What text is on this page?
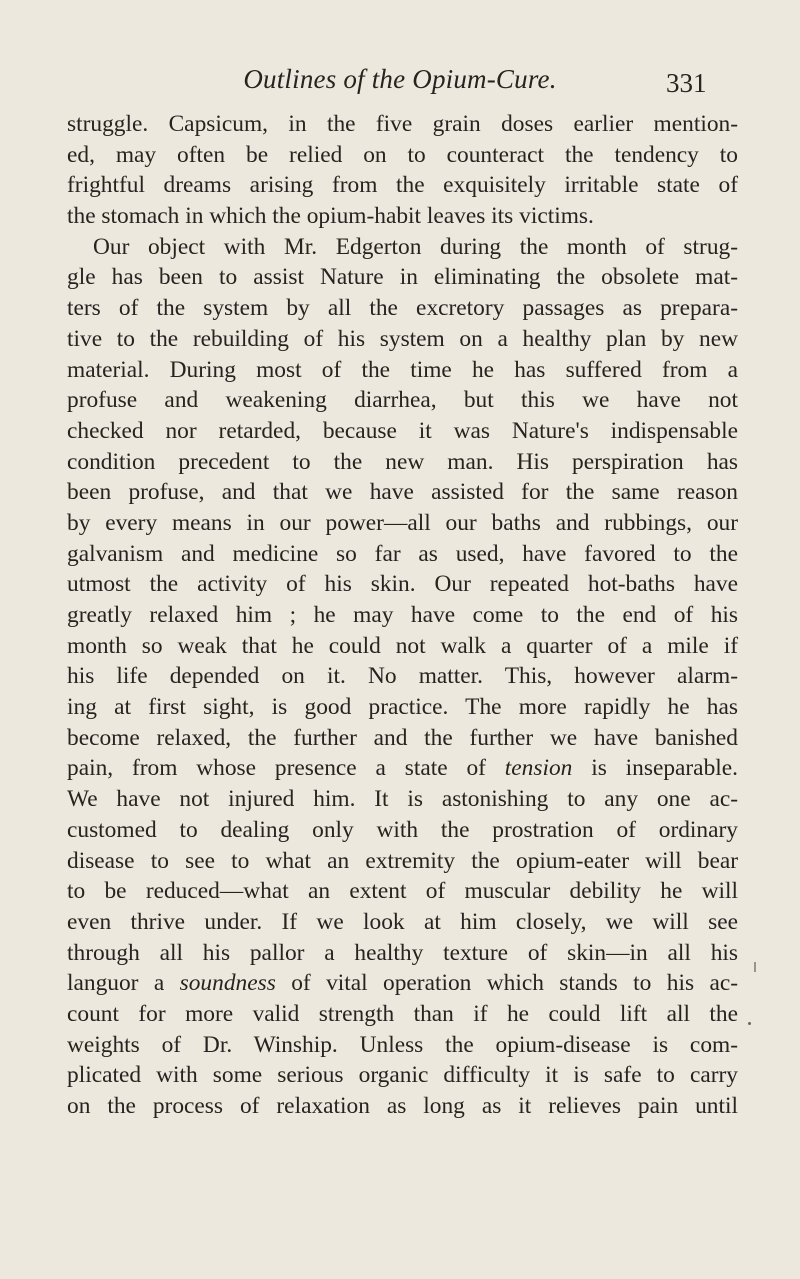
Outlines of the Opium-Cure.	331
struggle. Capsicum, in the five grain doses earlier mention-
ed, may often be relied on to counteract the tendency to
frightful dreams arising from the exquisitely irritable state of
the stomach in which the opium-habit leaves its victims.
Our object with Mr. Edgerton during the month of strug-
gle has been to assist Nature in eliminating the obsolete mat-
ters of the system by all the excretory passages as prepara-
tive to the rebuilding of his system on a healthy plan by new
material. During most of the time he has suffered from a
profuse and weakening diarrhea, but this we have not
checked nor retarded, because it was Nature's indispensable
condition precedent to the new man. His perspiration has
been profuse, and that we have assisted for the same reason
by every means in our power—all our baths and rubbings, our
galvanism and medicine so far as used, have favored to the
utmost the activity of his skin. Our repeated hot-baths have
greatly relaxed him ; he may have come to the end of his
month so weak that he could not walk a quarter of a mile if
his life depended on it. No matter. This, however alarm-
ing at first sight, is good practice. The more rapidly he has
become relaxed, the further and the further we have banished
pain, from whose presence a state of tension is inseparable.
We have not injured him. It is astonishing to any one ac-
customed to dealing only with the prostration of ordinary
disease to see to what an extremity the opium-eater will bear
to be reduced—what an extent of muscular debility he will
even thrive under. If we look at him closely, we will see
through all his pallor a healthy texture of skin—in all his
languor a soundness of vital operation which stands to his ac-
count for more valid strength than if he could lift all the
weights of Dr. Winship. Unless the opium-disease is com-
plicated with some serious organic difficulty it is safe to carry
on the process of relaxation as long as it relieves pain until
